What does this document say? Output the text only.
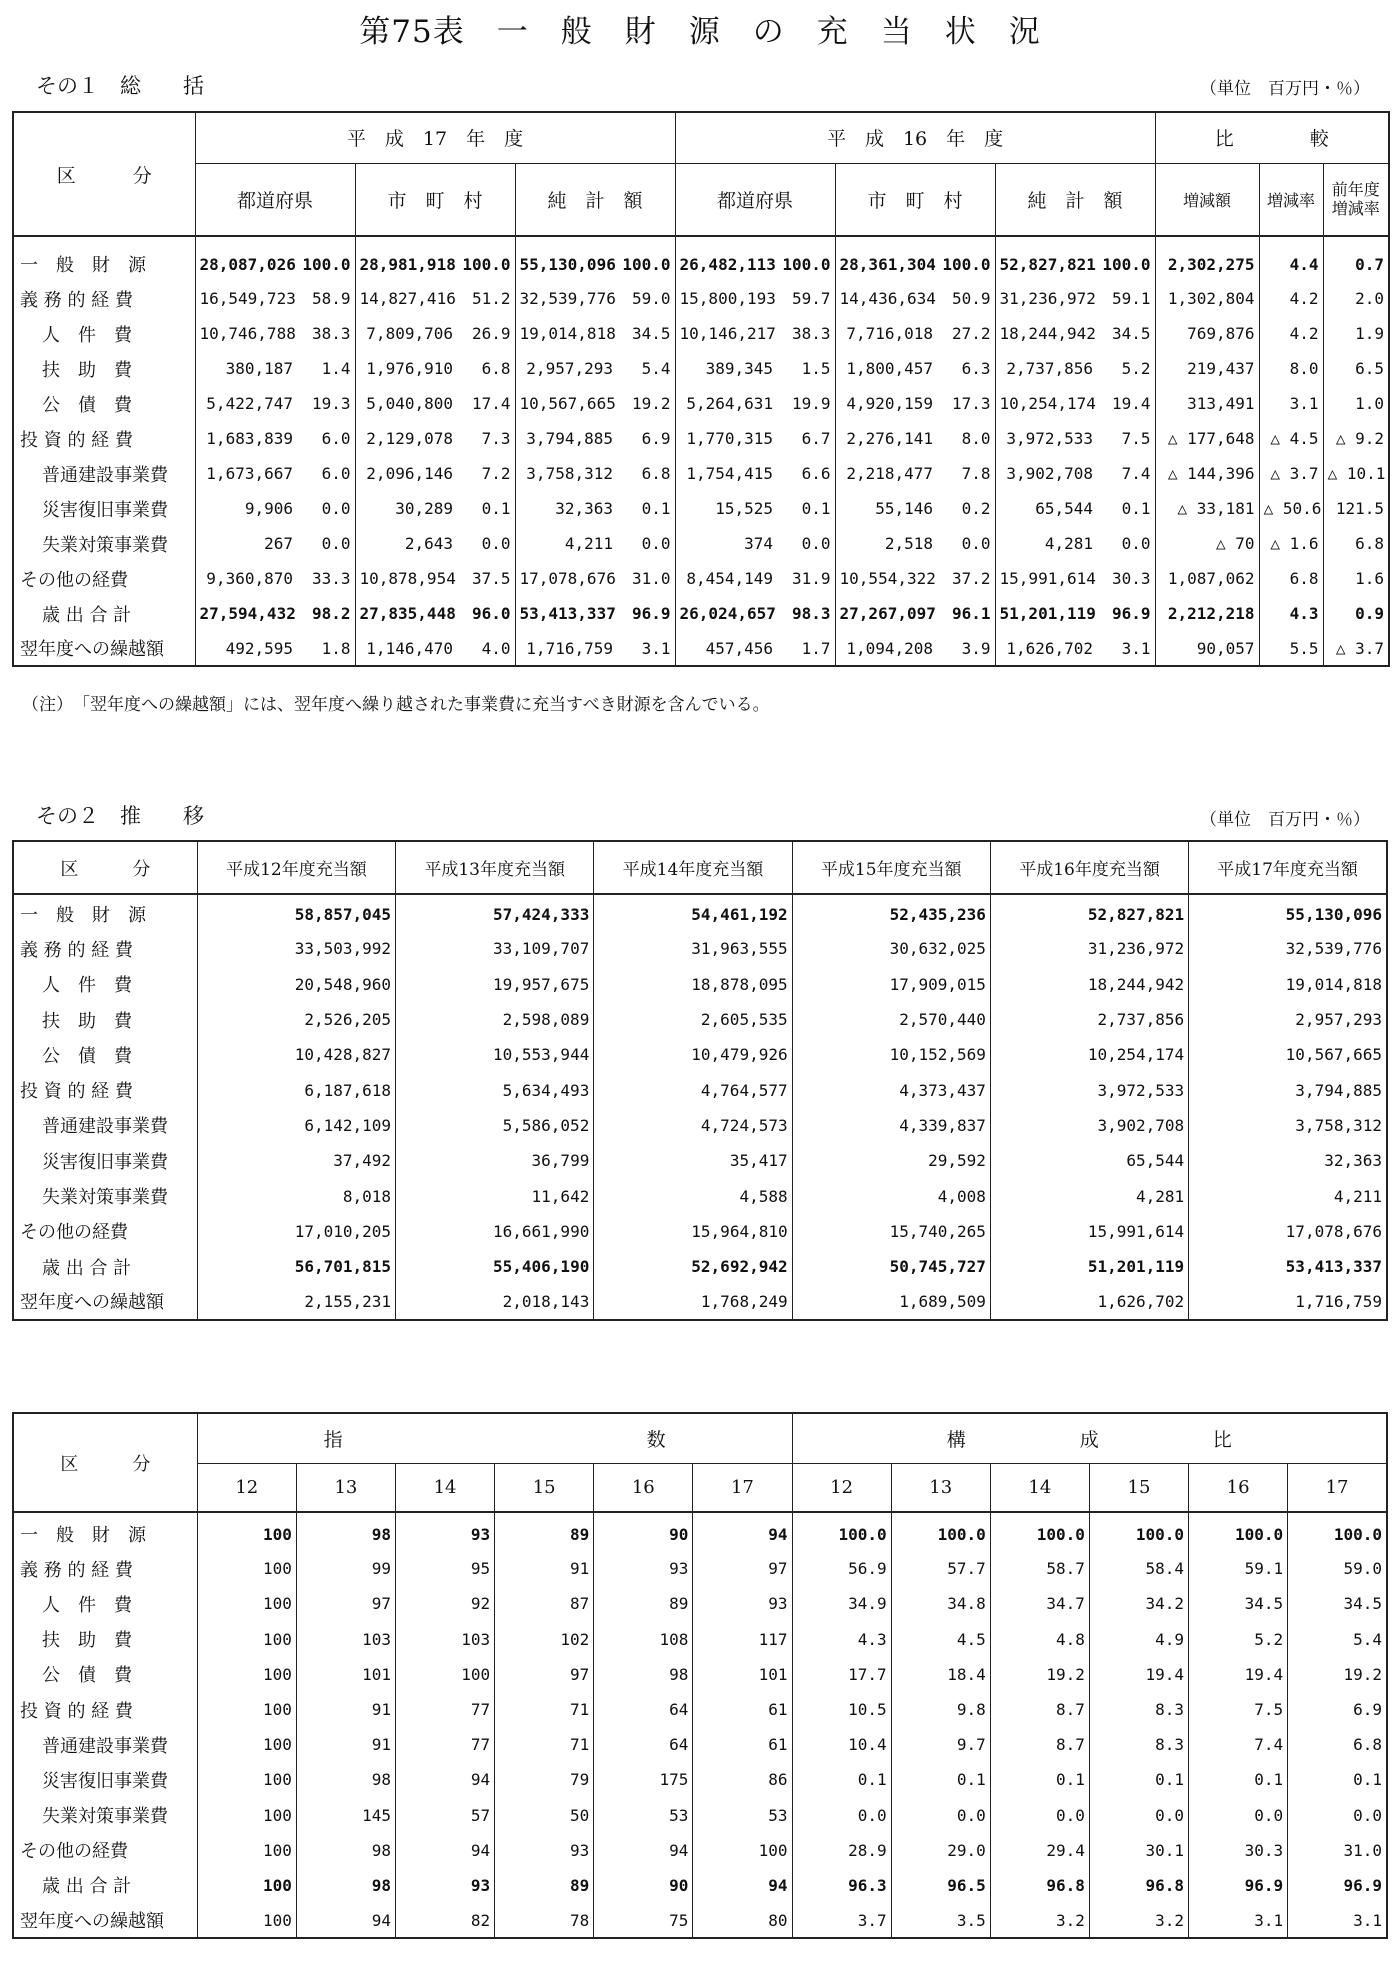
第75表　一　般　財　源　の　充　当　状　況
その１　総　　括	（単位　百万円・％）
区　　　分	平　成　17　年　度						平　成　16　年　度						比　　　　較		
	都道府県		市　町　村		純　計　額		都道府県		市　町　村		純　計　額		増減額	増減率	前年度増減率
一　般　財　源	28,087,026	100.0	28,981,918	100.0	55,130,096	100.0	26,482,113	100.0	28,361,304	100.0	52,827,821	100.0	2,302,275	4.4	0.7
義 務 的 経 費	16,549,723	58.9	14,827,416	51.2	32,539,776	59.0	15,800,193	59.7	14,436,634	50.9	31,236,972	59.1	1,302,804	4.2	2.0
人　件　費	10,746,788	38.3	7,809,706	26.9	19,014,818	34.5	10,146,217	38.3	7,716,018	27.2	18,244,942	34.5	769,876	4.2	1.9
扶　助　費	380,187	1.4	1,976,910	6.8	2,957,293	5.4	389,345	1.5	1,800,457	6.3	2,737,856	5.2	219,437	8.0	6.5
公　債　費	5,422,747	19.3	5,040,800	17.4	10,567,665	19.2	5,264,631	19.9	4,920,159	17.3	10,254,174	19.4	313,491	3.1	1.0
投 資 的 経 費	1,683,839	6.0	2,129,078	7.3	3,794,885	6.9	1,770,315	6.7	2,276,141	8.0	3,972,533	7.5	△ 177,648	△ 4.5	△ 9.2
普通建設事業費	1,673,667	6.0	2,096,146	7.2	3,758,312	6.8	1,754,415	6.6	2,218,477	7.8	3,902,708	7.4	△ 144,396	△ 3.7	△ 10.1
災害復旧事業費	9,906	0.0	30,289	0.1	32,363	0.1	15,525	0.1	55,146	0.2	65,544	0.1	△ 33,181	△ 50.6	121.5
失業対策事業費	267	0.0	2,643	0.0	4,211	0.0	374	0.0	2,518	0.0	4,281	0.0	△ 70	△ 1.6	6.8
その他の経費	9,360,870	33.3	10,878,954	37.5	17,078,676	31.0	8,454,149	31.9	10,554,322	37.2	15,991,614	30.3	1,087,062	6.8	1.6
歳 出 合 計	27,594,432	98.2	27,835,448	96.0	53,413,337	96.9	26,024,657	98.3	27,267,097	96.1	51,201,119	96.9	2,212,218	4.3	0.9
翌年度への繰越額	492,595	1.8	1,146,470	4.0	1,716,759	3.1	457,456	1.7	1,094,208	3.9	1,626,702	3.1	90,057	5.5	△ 3.7
（注）　「翌年度への繰越額」には、翌年度へ繰り越された事業費に充当すべき財源を含んでいる。
その２　推　　移	（単位　百万円・％）
区　　　分	平成12年度充当額	平成13年度充当額	平成14年度充当額	平成15年度充当額	平成16年度充当額	平成17年度充当額
一　般　財　源	58,857,045	57,424,333	54,461,192	52,435,236	52,827,821	55,130,096
義 務 的 経 費	33,503,992	33,109,707	31,963,555	30,632,025	31,236,972	32,539,776
人　件　費	20,548,960	19,957,675	18,878,095	17,909,015	18,244,942	19,014,818
扶　助　費	2,526,205	2,598,089	2,605,535	2,570,440	2,737,856	2,957,293
公　債　費	10,428,827	10,553,944	10,479,926	10,152,569	10,254,174	10,567,665
投 資 的 経 費	6,187,618	5,634,493	4,764,577	4,373,437	3,972,533	3,794,885
普通建設事業費	6,142,109	5,586,052	4,724,573	4,339,837	3,902,708	3,758,312
災害復旧事業費	37,492	36,799	35,417	29,592	65,544	32,363
失業対策事業費	8,018	11,642	4,588	4,008	4,281	4,211
その他の経費	17,010,205	16,661,990	15,964,810	15,740,265	15,991,614	17,078,676
歳 出 合 計	56,701,815	55,406,190	52,692,942	50,745,727	51,201,119	53,413,337
翌年度への繰越額	2,155,231	2,018,143	1,768,249	1,689,509	1,626,702	1,716,759
区　　　分	指　　　　　　　　　　　　　　　　数						構　　　　　　成　　　　　　比					
	12	13	14	15	16	17	12	13	14	15	16	17
一　般　財　源	100	98	93	89	90	94	100.0	100.0	100.0	100.0	100.0	100.0
義 務 的 経 費	100	99	95	91	93	97	56.9	57.7	58.7	58.4	59.1	59.0
人　件　費	100	97	92	87	89	93	34.9	34.8	34.7	34.2	34.5	34.5
扶　助　費	100	103	103	102	108	117	4.3	4.5	4.8	4.9	5.2	5.4
公　債　費	100	101	100	97	98	101	17.7	18.4	19.2	19.4	19.4	19.2
投 資 的 経 費	100	91	77	71	64	61	10.5	9.8	8.7	8.3	7.5	6.9
普通建設事業費	100	91	77	71	64	61	10.4	9.7	8.7	8.3	7.4	6.8
災害復旧事業費	100	98	94	79	175	86	0.1	0.1	0.1	0.1	0.1	0.1
失業対策事業費	100	145	57	50	53	53	0.0	0.0	0.0	0.0	0.0	0.0
その他の経費	100	98	94	93	94	100	28.9	29.0	29.4	30.1	30.3	31.0
歳 出 合 計	100	98	93	89	90	94	96.3	96.5	96.8	96.8	96.9	96.9
翌年度への繰越額	100	94	82	78	75	80	3.7	3.5	3.2	3.2	3.1	3.1
